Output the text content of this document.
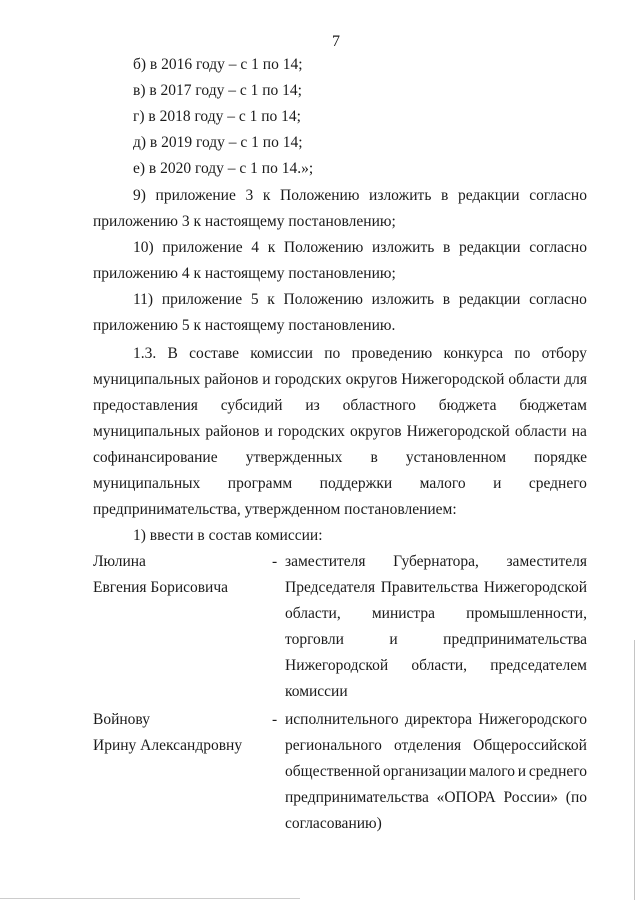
7
б) в 2016 году – с 1 по 14;
в) в 2017 году – с 1 по 14;
г) в 2018 году – с 1 по 14;
д) в 2019 году – с 1 по 14;
е) в 2020 году – с 1 по 14.»;
9) приложение 3 к Положению изложить в редакции согласно
приложению 3 к настоящему постановлению;
10) приложение 4 к Положению изложить в редакции согласно
приложению 4 к настоящему постановлению;
11) приложение 5 к Положению изложить в редакции согласно
приложению 5 к настоящему постановлению.
1.3. В составе комиссии по проведению конкурса по отбору
муниципальных районов и городских округов Нижегородской области для
предоставления субсидий из областного бюджета бюджетам
муниципальных районов и городских округов Нижегородской области на
софинансирование утвержденных в установленном порядке
муниципальных программ поддержки малого и среднего
предпринимательства, утвержденном постановлением:
1) ввести в состав комиссии:
Люлина
Евгения Борисовича
- заместителя Губернатора, заместителя
Председателя Правительства Нижегородской
области, министра промышленности,
торговли	и	предпринимательства
Нижегородской области, председателем
комиссии
Войнову
Ирину Александровну
- исполнительного директора Нижегородского
регионального отделения Общероссийской
общественной организации малого и среднего
предпринимательства «ОПОРА России» (по
согласованию)
